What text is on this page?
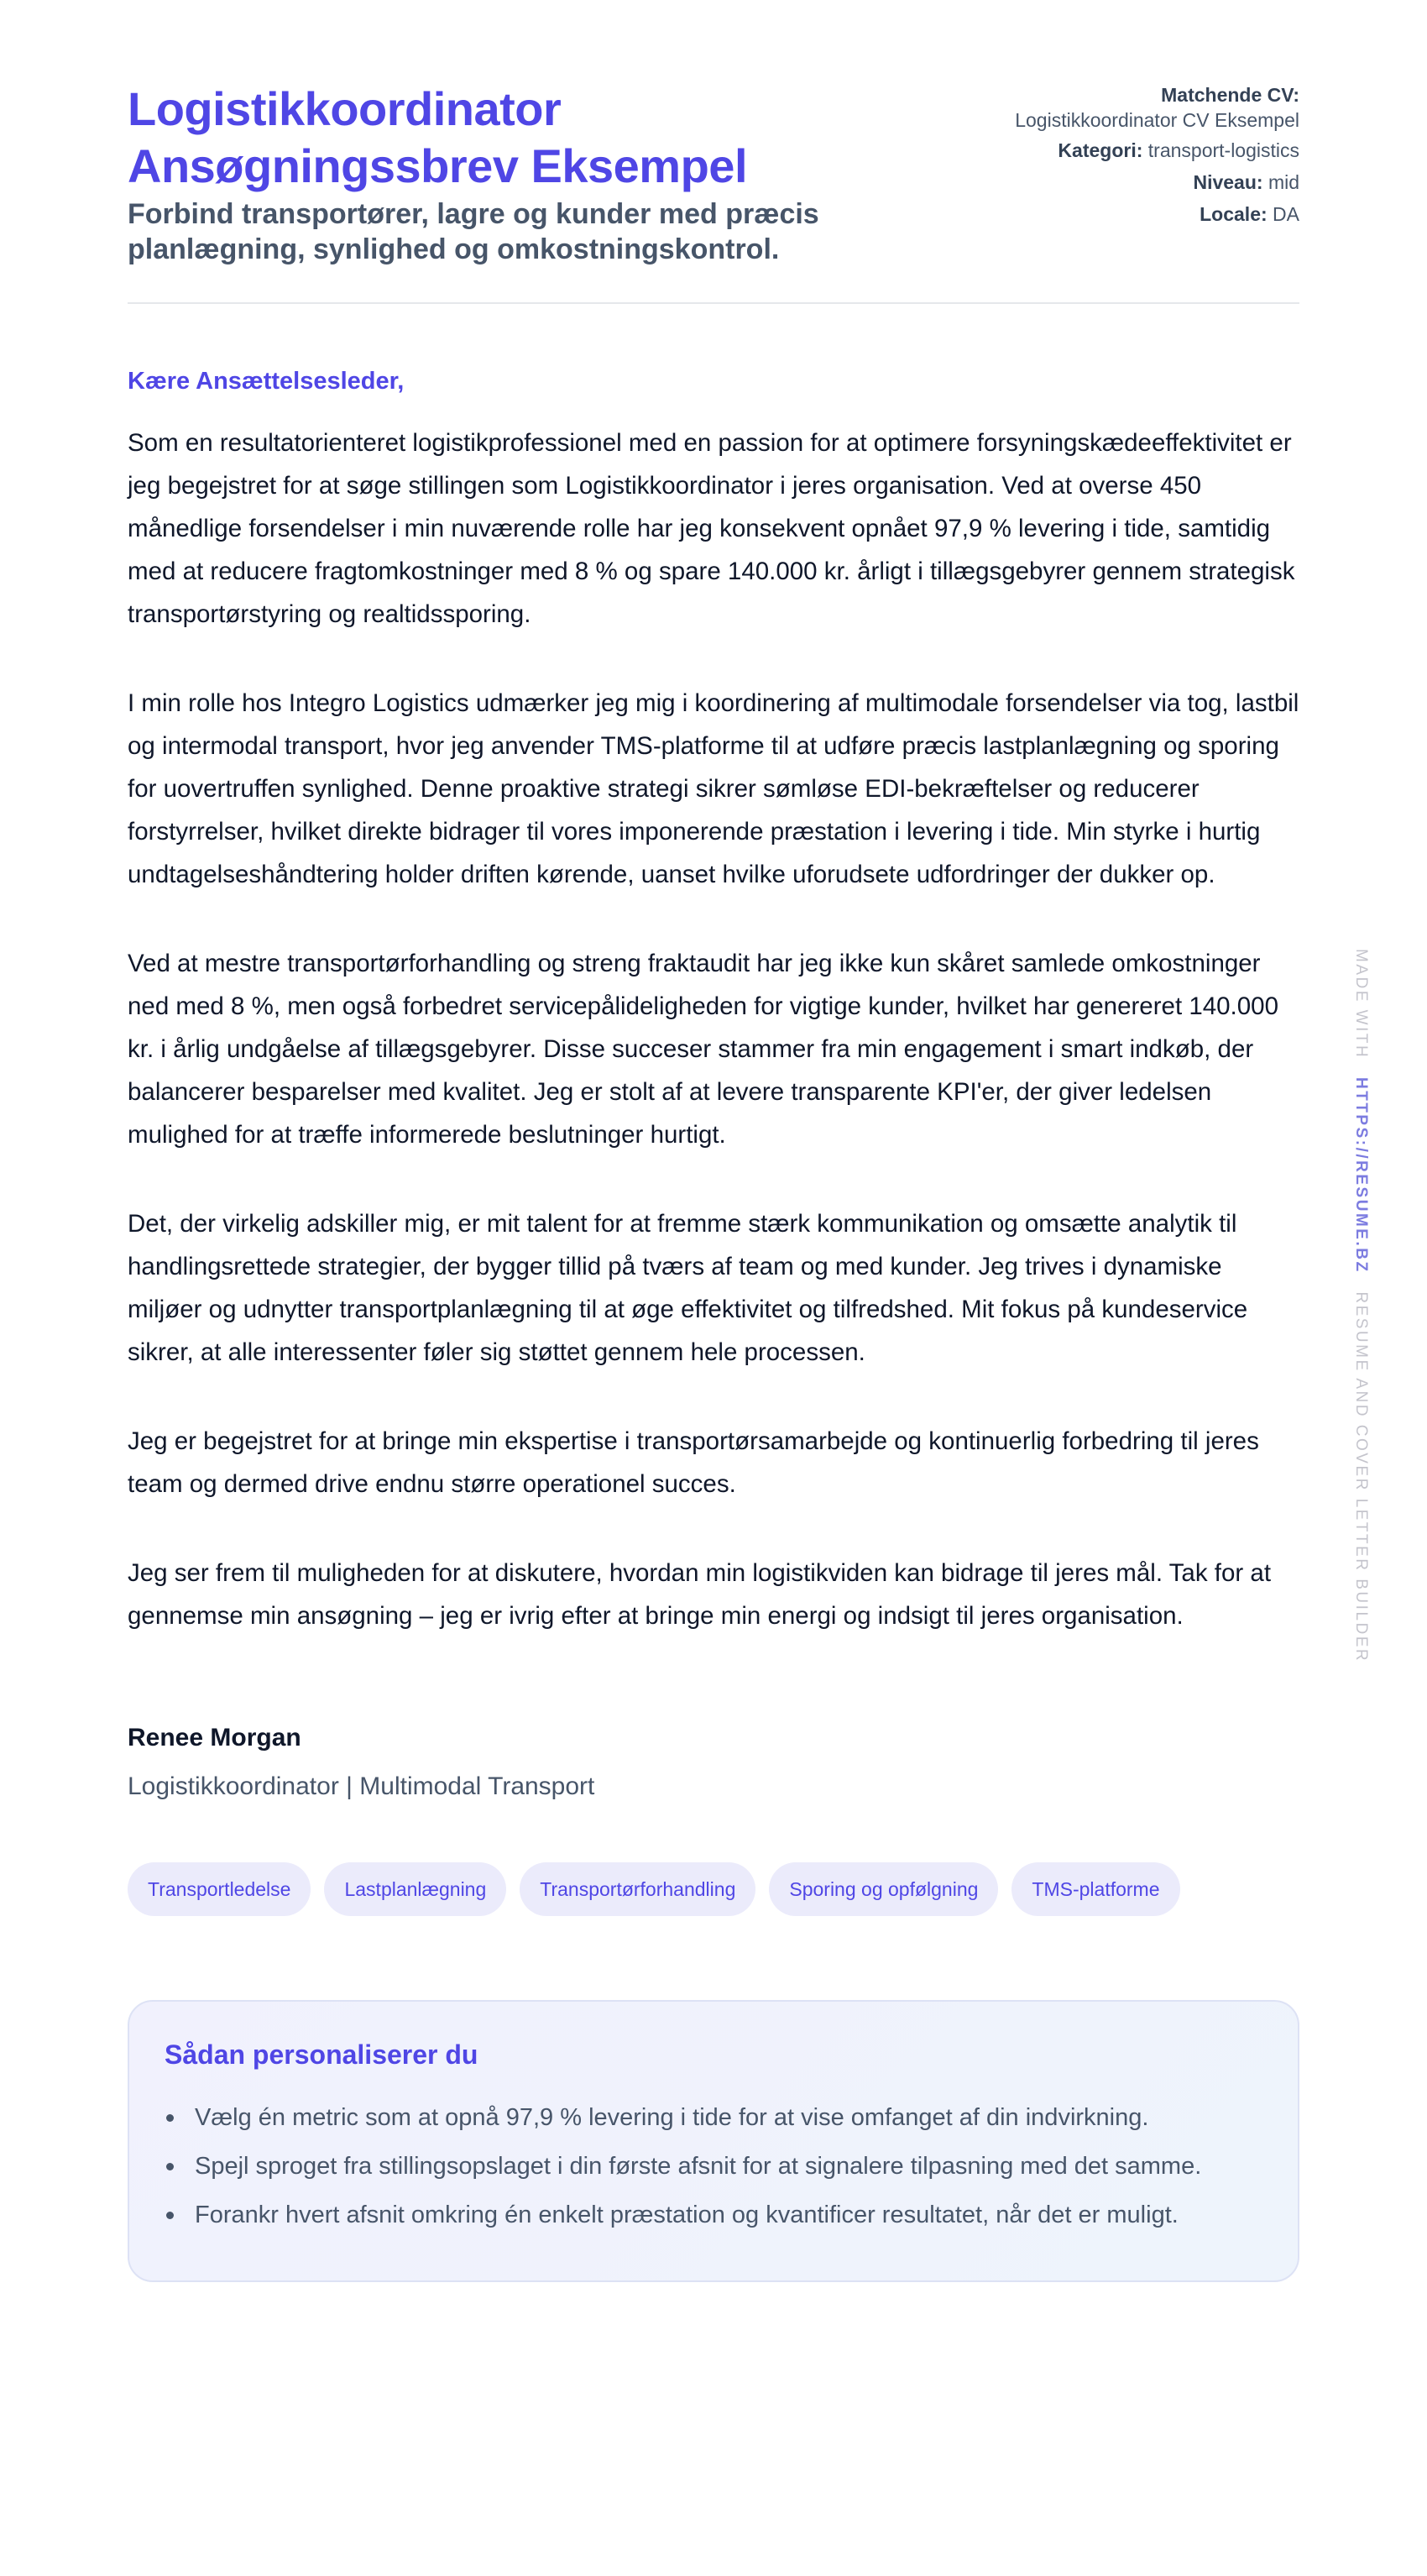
Logistikkoordinator
Ansøgningssbrev Eksempel

Forbind transportører, lagre og kunder med præcis planlægning, synlighed og omkostningskontrol.

Matchende CV:
Logistikkoordinator CV Eksempel
Kategori: transport-logistics
Niveau: mid
Locale: DA

Kære Ansættelsesleder,

Som en resultatorienteret logistikprofessionel med en passion for at optimere forsyningskædeeffektivitet er jeg begejstret for at søge stillingen som Logistikkoordinator i jeres organisation. Ved at overse 450 månedlige forsendelser i min nuværende rolle har jeg konsekvent opnået 97,9 % levering i tide, samtidig med at reducere fragtomkostninger med 8 % og spare 140.000 kr. årligt i tillægsgebyrer gennem strategisk transportørstyring og realtidssporing.

I min rolle hos Integro Logistics udmærker jeg mig i koordinering af multimodale forsendelser via tog, lastbil og intermodal transport, hvor jeg anvender TMS-platforme til at udføre præcis lastplanlægning og sporing for uovertruffen synlighed. Denne proaktive strategi sikrer sømløse EDI-bekræftelser og reducerer forstyrrelser, hvilket direkte bidrager til vores imponerende præstation i levering i tide. Min styrke i hurtig undtagelseshåndtering holder driften kørende, uanset hvilke uforudsete udfordringer der dukker op.

Ved at mestre transportørforhandling og streng fraktaudit har jeg ikke kun skåret samlede omkostninger ned med 8 %, men også forbedret servicepålideligheden for vigtige kunder, hvilket har genereret 140.000 kr. i årlig undgåelse af tillægsgebyrer. Disse succeser stammer fra min engagement i smart indkøb, der balancerer besparelser med kvalitet. Jeg er stolt af at levere transparente KPI'er, der giver ledelsen mulighed for at træffe informerede beslutninger hurtigt.

Det, der virkelig adskiller mig, er mit talent for at fremme stærk kommunikation og omsætte analytik til handlingsrettede strategier, der bygger tillid på tværs af team og med kunder. Jeg trives i dynamiske miljøer og udnytter transportplanlægning til at øge effektivitet og tilfredshed. Mit fokus på kundeservice sikrer, at alle interessenter føler sig støttet gennem hele processen.

Jeg er begejstret for at bringe min ekspertise i transportørsamarbejde og kontinuerlig forbedring til jeres team og dermed drive endnu større operationel succes.

Jeg ser frem til muligheden for at diskutere, hvordan min logistikviden kan bidrage til jeres mål. Tak for at gennemse min ansøgning – jeg er ivrig efter at bringe min energi og indsigt til jeres organisation.

Renee Morgan

Logistikkoordinator | Multimodal Transport

Transportledelse	Lastplanlægning	Transportørforhandling	Sporing og opfølgning	TMS-platforme
Sådan personaliserer du
Vælg én metric som at opnå 97,9 % levering i tide for at vise omfanget af din indvirkning.
Spejl sproget fra stillingsopslaget i din første afsnit for at signalere tilpasning med det samme.
Forankr hvert afsnit omkring én enkelt præstation og kvantificer resultatet, når det er muligt.
MADE WITH HTTPS://RESUME.BZ RESUME AND COVER LETTER BUILDER
